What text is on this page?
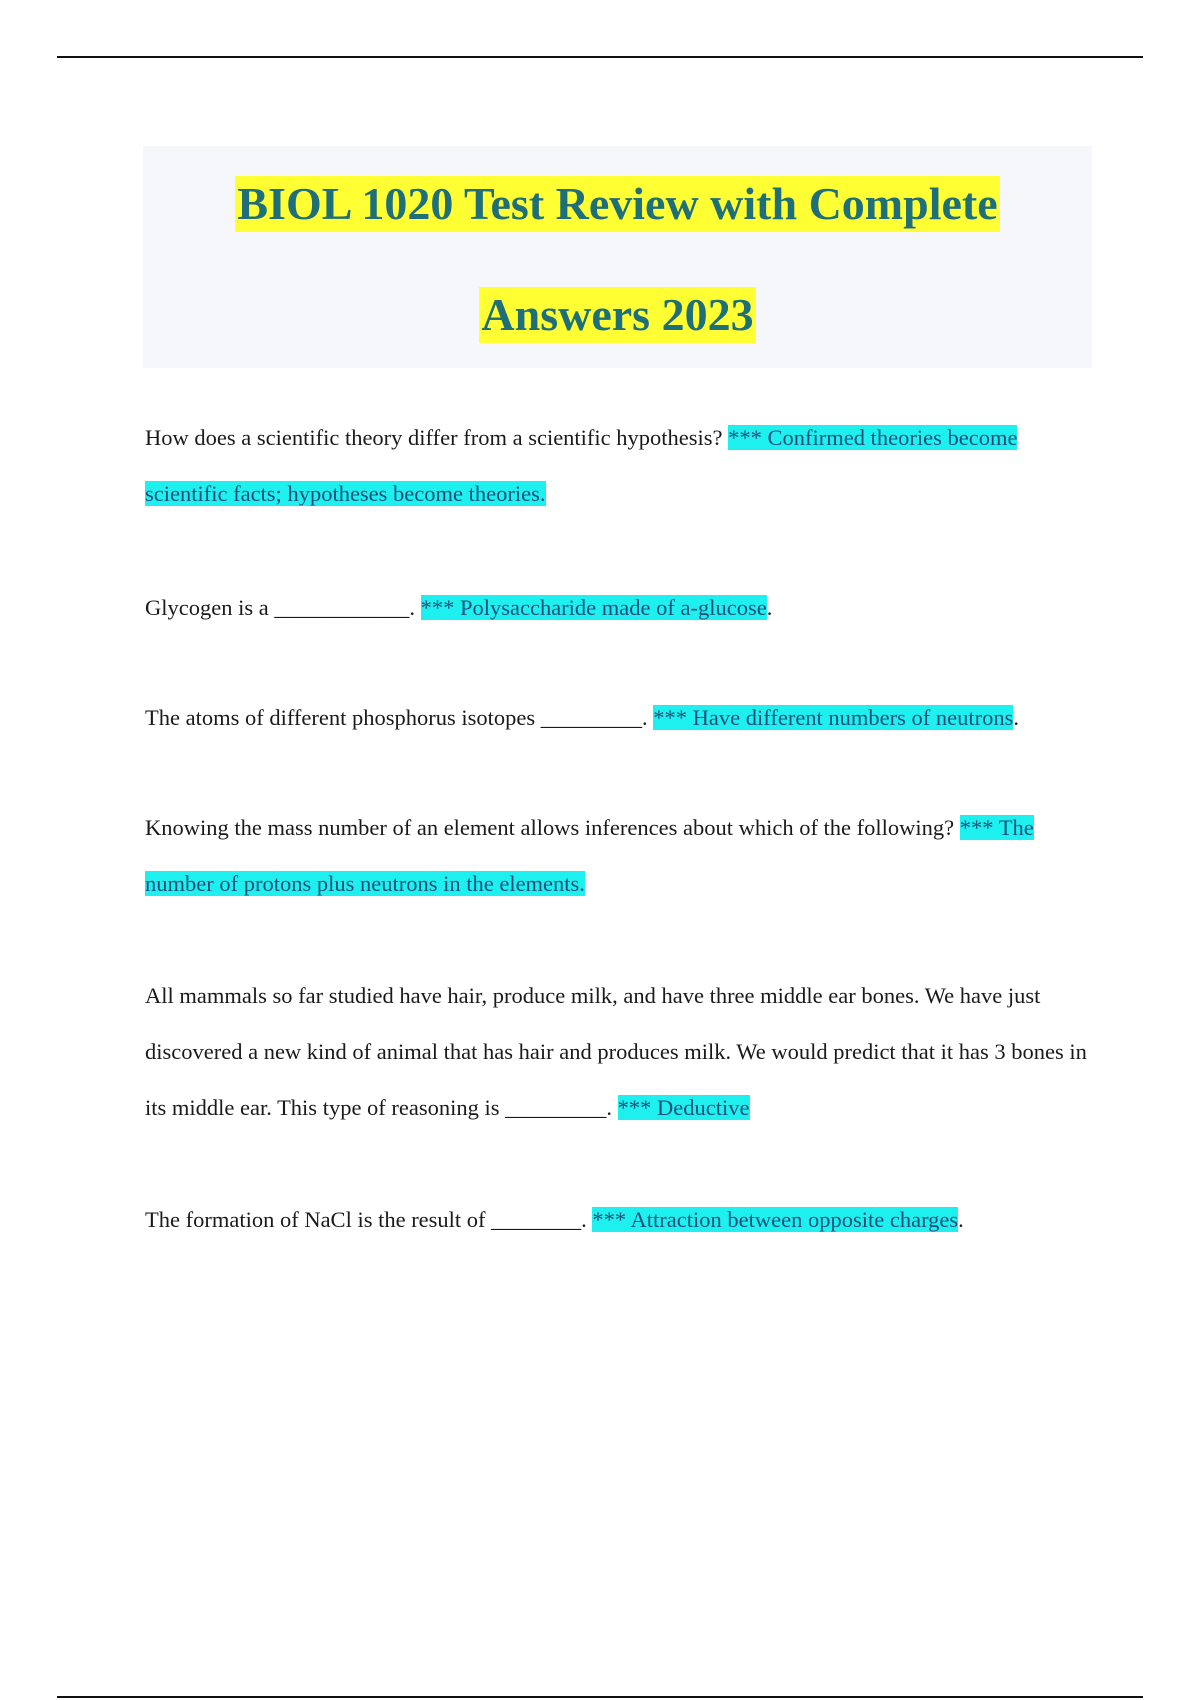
BIOL 1020 Test Review with Complete
Answers 2023
How does a scientific theory differ from a scientific hypothesis? *** Confirmed theories become scientific facts; hypotheses become theories.
Glycogen is a ____________. *** Polysaccharide made of a-glucose.
The atoms of different phosphorus isotopes _________. *** Have different numbers of neutrons.
Knowing the mass number of an element allows inferences about which of the following? *** The number of protons plus neutrons in the elements.
All mammals so far studied have hair, produce milk, and have three middle ear bones. We have just discovered a new kind of animal that has hair and produces milk. We would predict that it has 3 bones in its middle ear. This type of reasoning is _________. *** Deductive
The formation of NaCl is the result of ________. *** Attraction between opposite charges.
